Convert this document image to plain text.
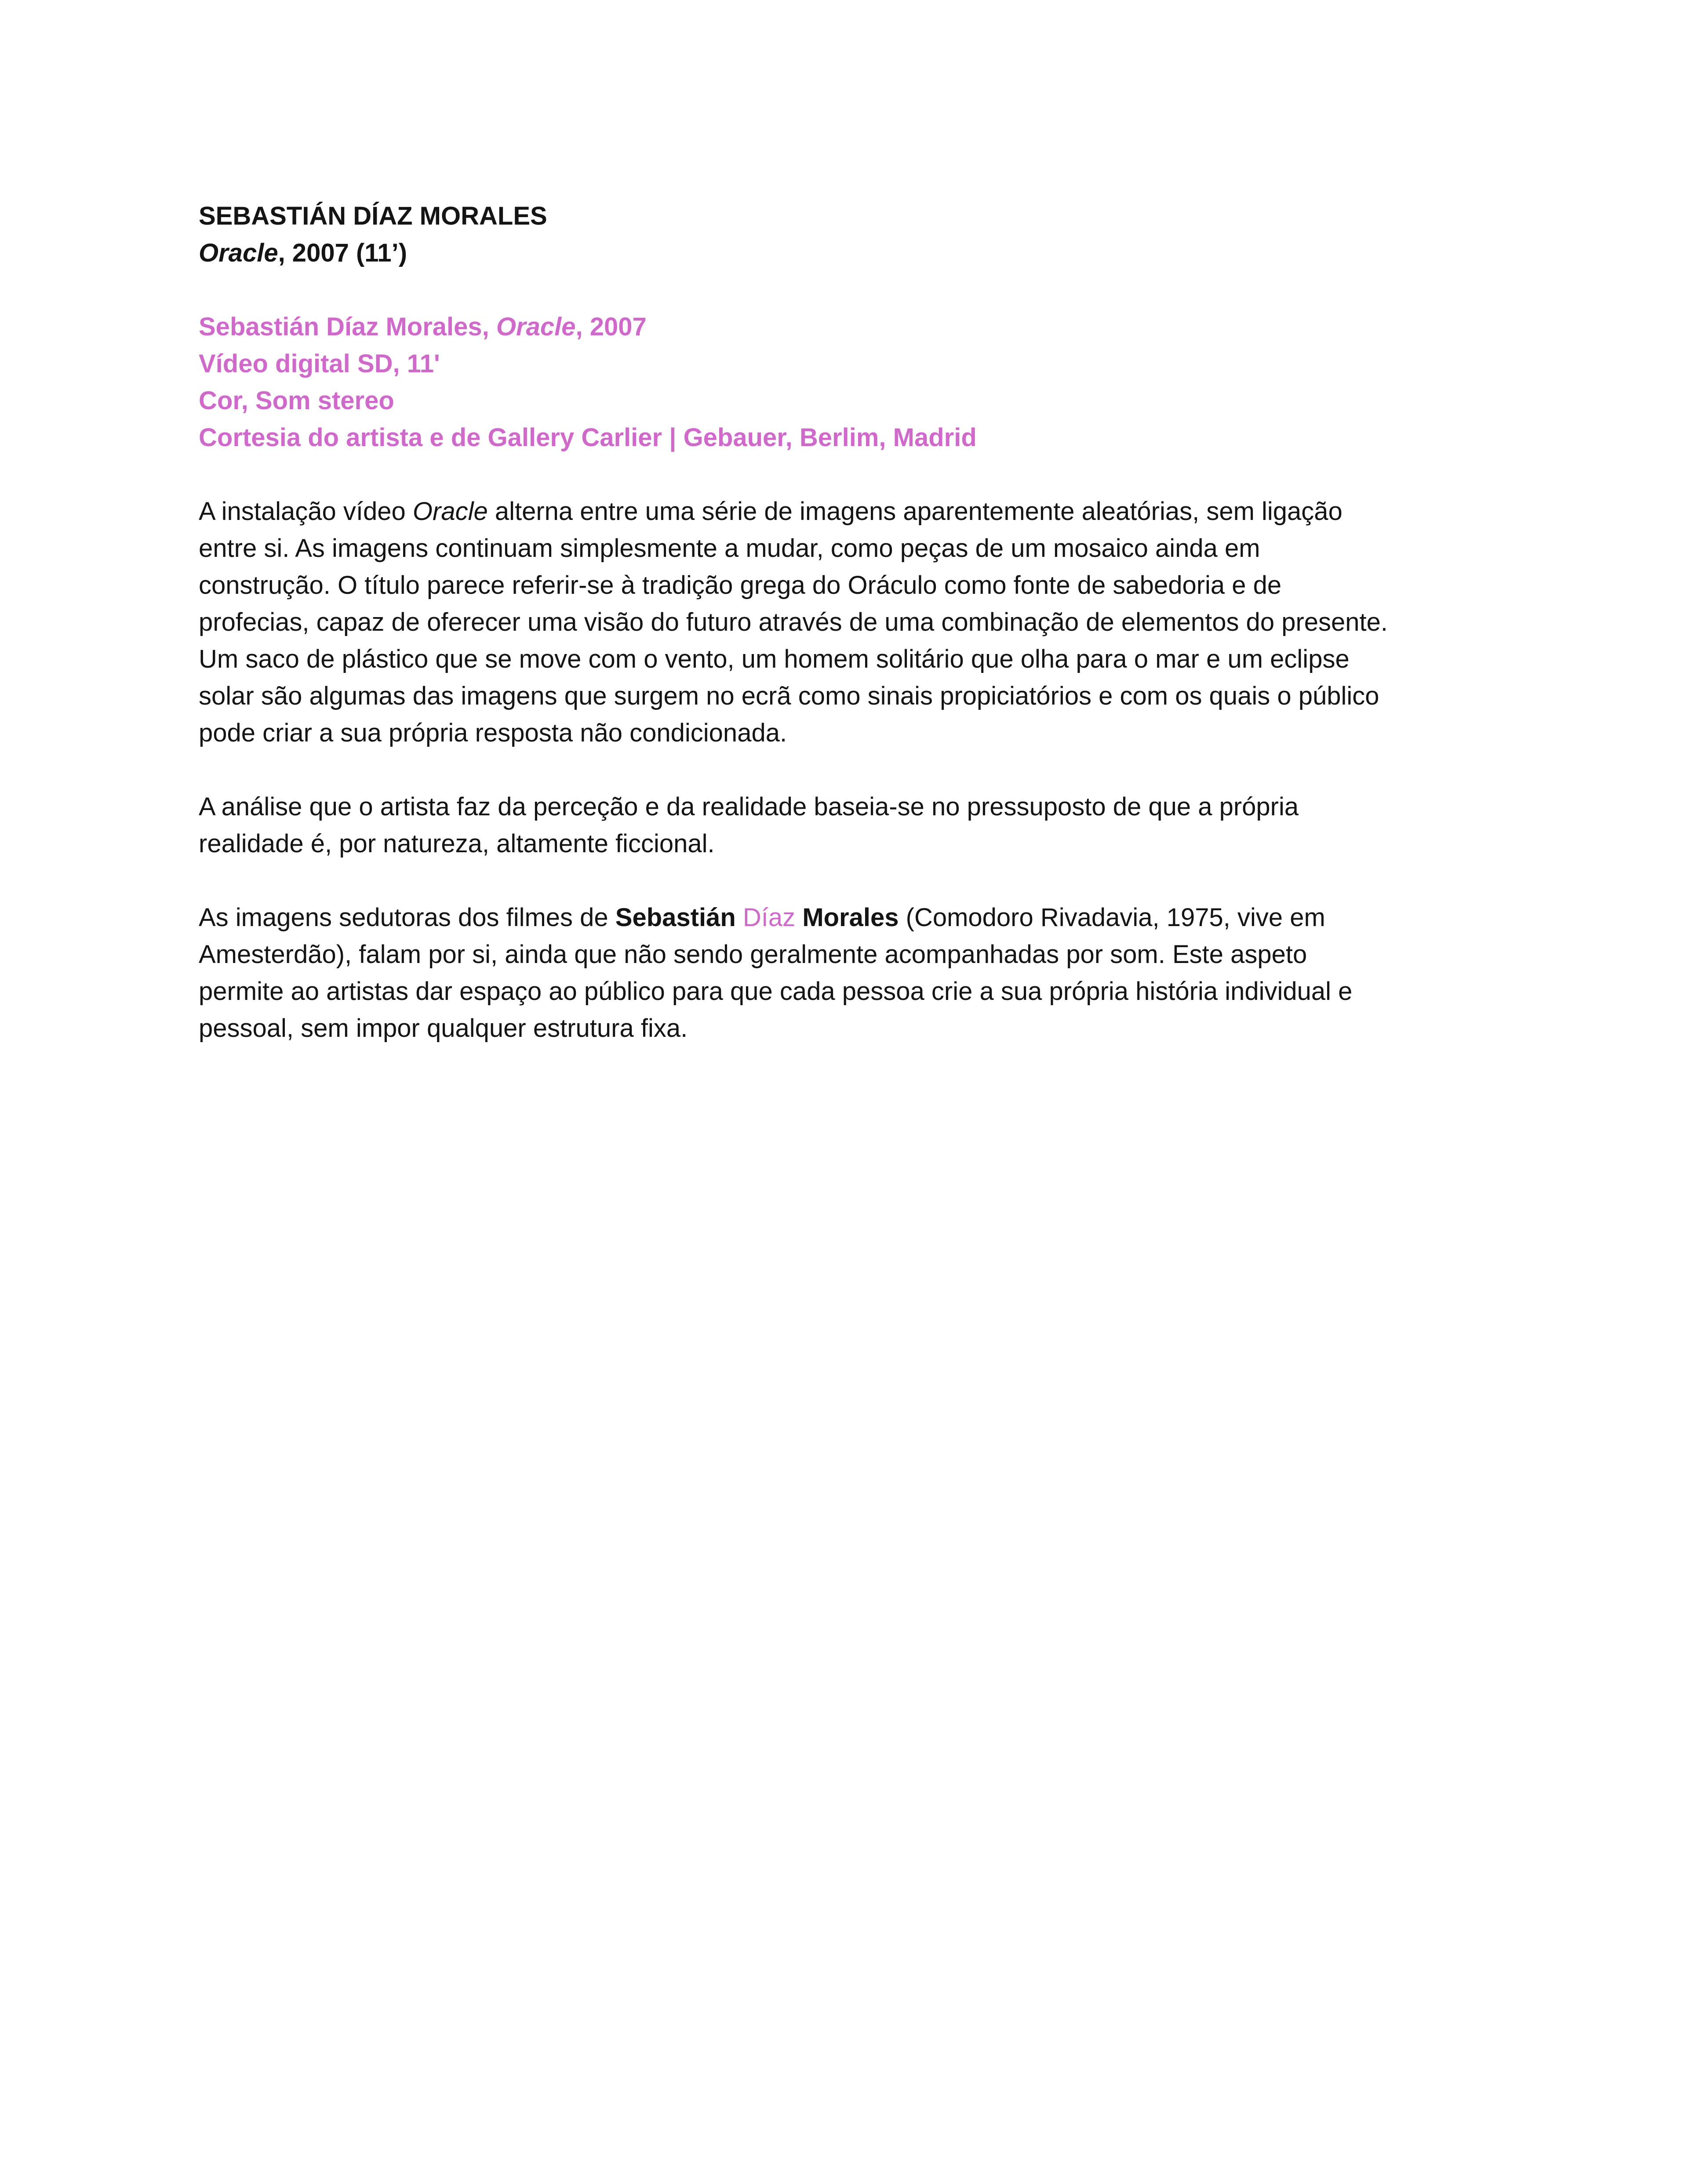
SEBASTIÁN DÍAZ MORALES
Oracle, 2007 (11’)
Sebastián Díaz Morales, Oracle, 2007
Vídeo digital SD, 11'
Cor, Som stereo
Cortesia do artista e de Gallery Carlier | Gebauer, Berlim, Madrid
A instalação vídeo Oracle alterna entre uma série de imagens aparentemente aleatórias, sem ligação
entre si. As imagens continuam simplesmente a mudar, como peças de um mosaico ainda em
construção. O título parece referir-se à tradição grega do Oráculo como fonte de sabedoria e de
profecias, capaz de oferecer uma visão do futuro através de uma combinação de elementos do presente.
Um saco de plástico que se move com o vento, um homem solitário que olha para o mar e um eclipse
solar são algumas das imagens que surgem no ecrã como sinais propiciatórios e com os quais o público
pode criar a sua própria resposta não condicionada.
A análise que o artista faz da perceção e da realidade baseia-se no pressuposto de que a própria
realidade é, por natureza, altamente ficcional.
As imagens sedutoras dos filmes de Sebastián Díaz Morales (Comodoro Rivadavia, 1975, vive em
Amesterdão), falam por si, ainda que não sendo geralmente acompanhadas por som. Este aspeto
permite ao artistas dar espaço ao público para que cada pessoa crie a sua própria história individual e
pessoal, sem impor qualquer estrutura fixa.
